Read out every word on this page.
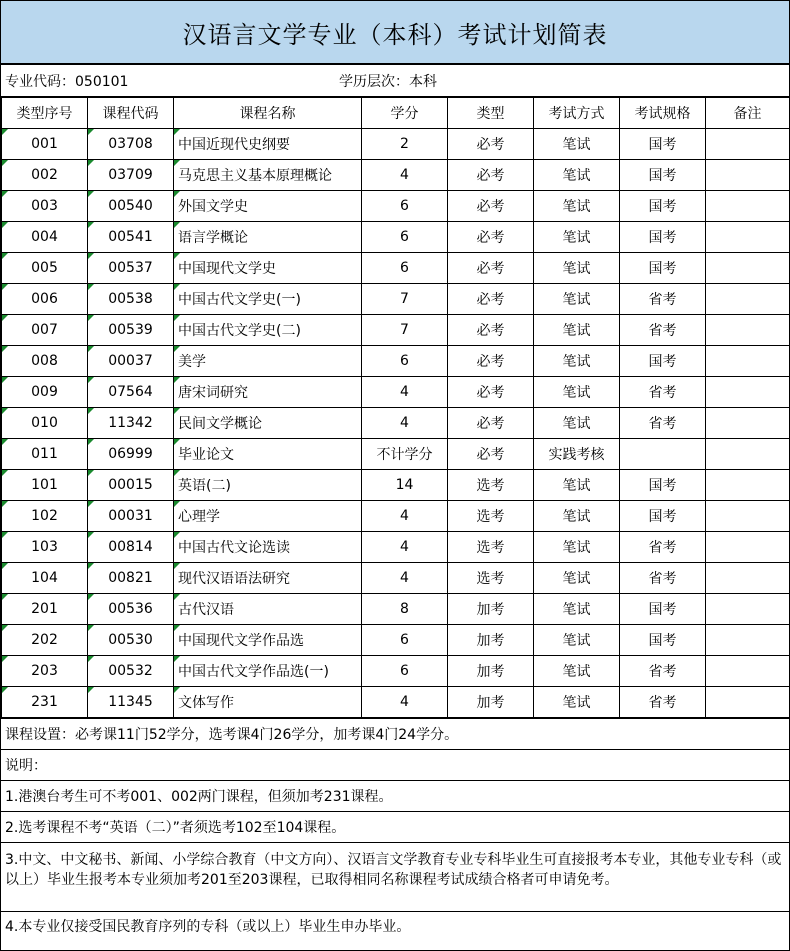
汉语言文学专业（本科）考试计划简表
专业代码：050101	学历层次：本科
类型序号	课程代码	课程名称	学分	类型	考试方式	考试规格	备注
001	03708	中国近现代史纲要	2	必考	笔试	国考	
002	03709	马克思主义基本原理概论	4	必考	笔试	国考	
003	00540	外国文学史	6	必考	笔试	国考	
004	00541	语言学概论	6	必考	笔试	国考	
005	00537	中国现代文学史	6	必考	笔试	国考	
006	00538	中国古代文学史(一)	7	必考	笔试	省考	
007	00539	中国古代文学史(二)	7	必考	笔试	省考	
008	00037	美学	6	必考	笔试	国考	
009	07564	唐宋词研究	4	必考	笔试	省考	
010	11342	民间文学概论	4	必考	笔试	省考	
011	06999	毕业论文	不计学分	必考	实践考核		
101	00015	英语(二)	14	选考	笔试	国考	
102	00031	心理学	4	选考	笔试	国考	
103	00814	中国古代文论选读	4	选考	笔试	省考	
104	00821	现代汉语语法研究	4	选考	笔试	省考	
201	00536	古代汉语	8	加考	笔试	国考	
202	00530	中国现代文学作品选	6	加考	笔试	国考	
203	00532	中国古代文学作品选(一)	6	加考	笔试	省考	
231	11345	文体写作	4	加考	笔试	省考	
课程设置：必考课11门52学分，选考课4门26学分，加考课4门24学分。
说明：
1.港澳台考生可不考001、002两门课程，但须加考231课程。
2.选考课程不考“英语（二）”者须选考102至104课程。
3.中文、中文秘书、新闻、小学综合教育（中文方向）、汉语言文学教育专业专科毕业生可直接报考本专业，其他专业专科（或以上）毕业生报考本专业须加考201至203课程，已取得相同名称课程考试成绩合格者可申请免考。
4.本专业仅接受国民教育序列的专科（或以上）毕业生申办毕业。
